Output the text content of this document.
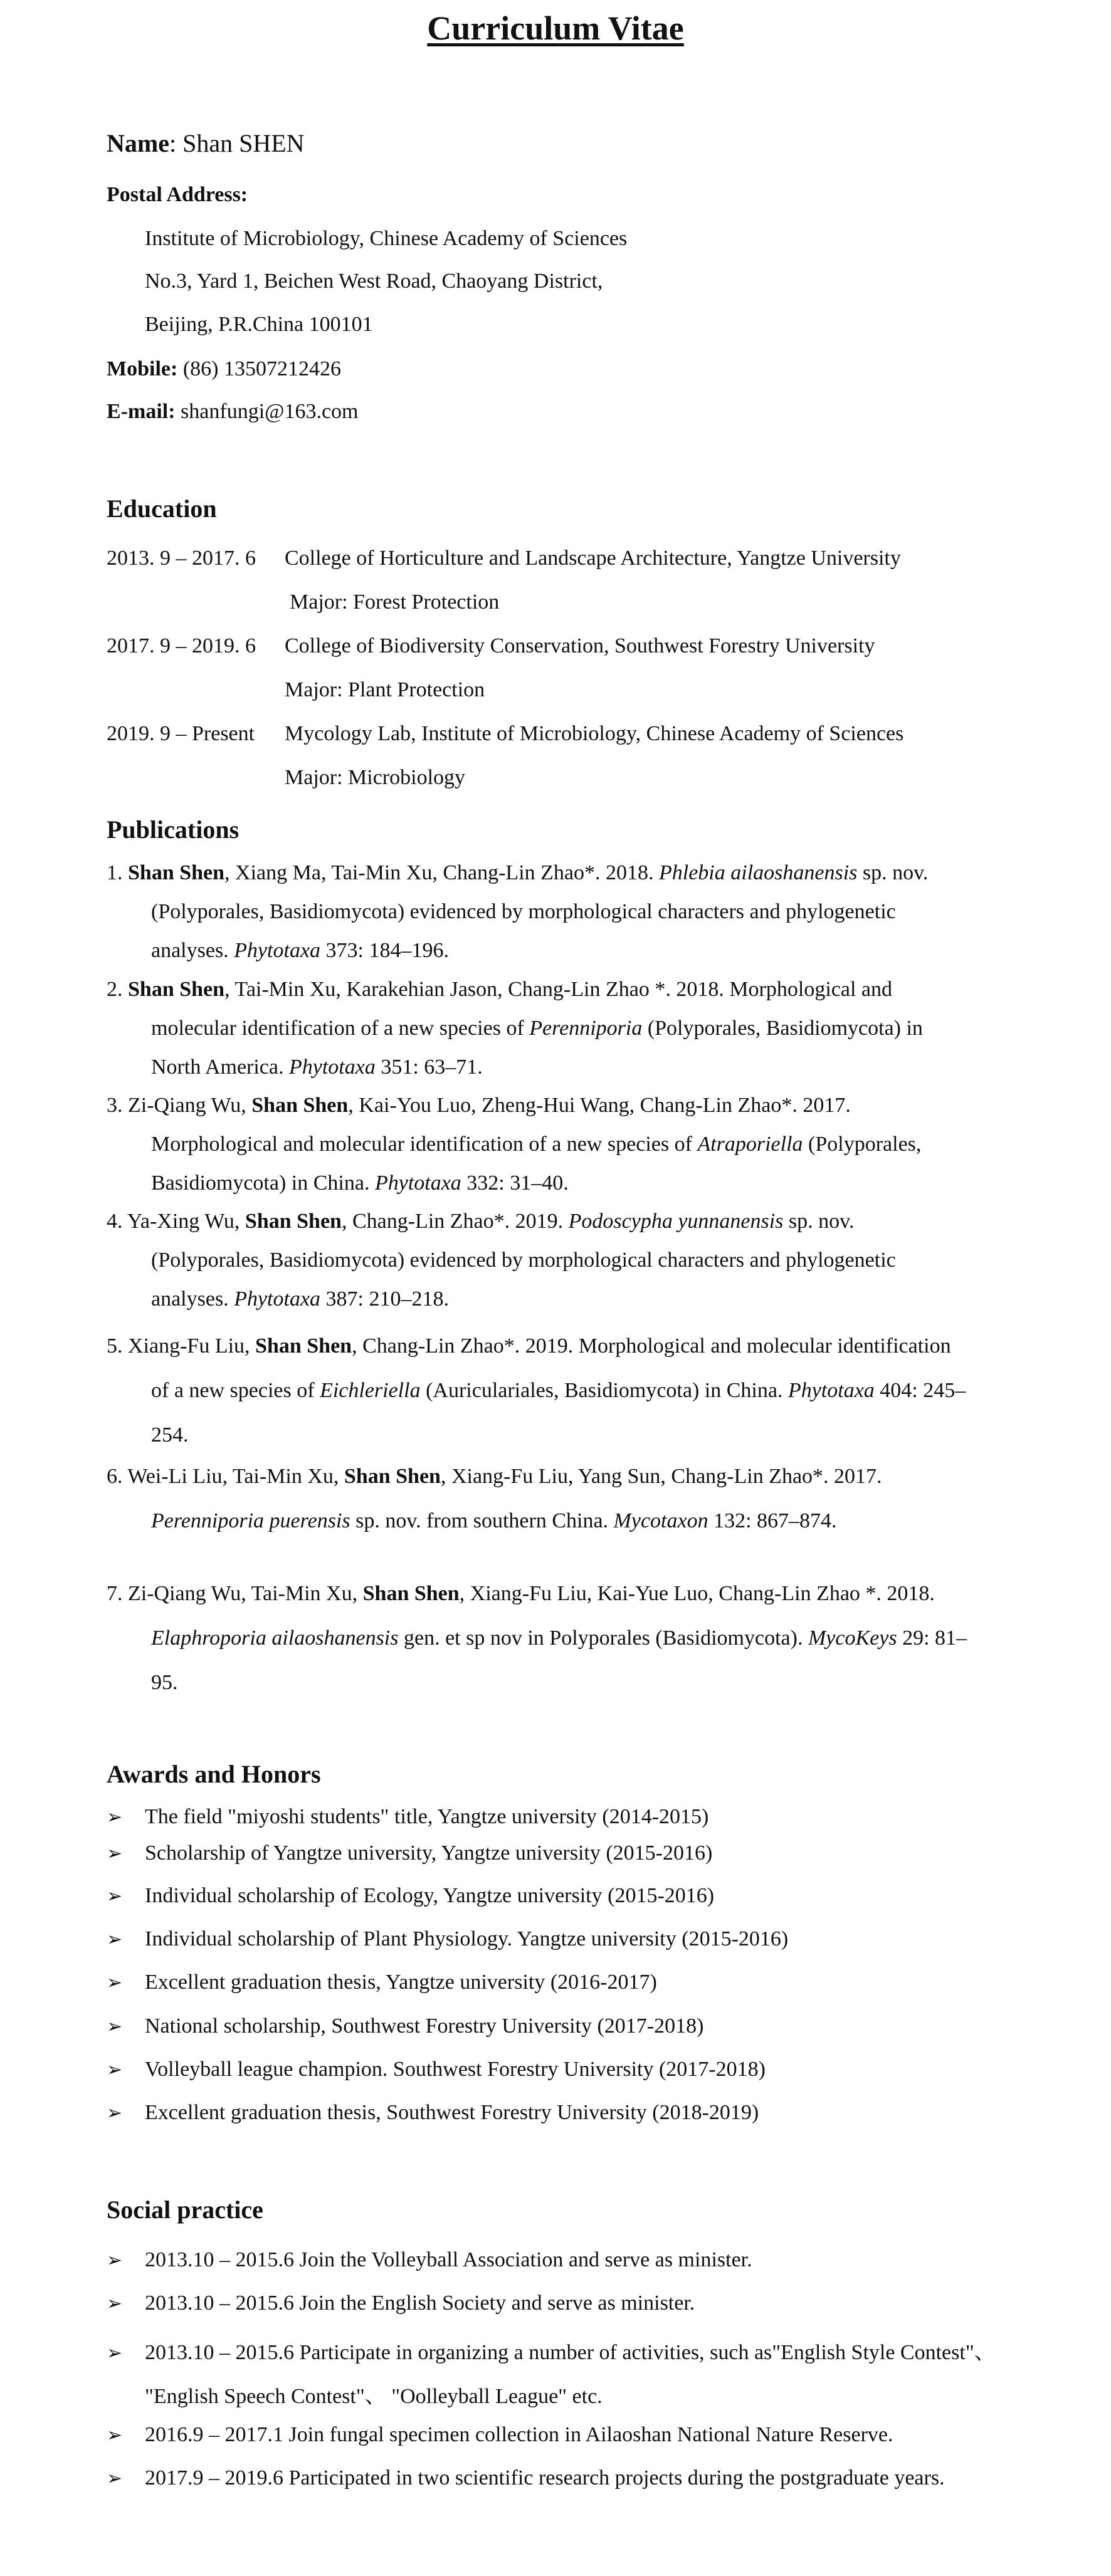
Curriculum Vitae
Name: Shan SHEN
Postal Address:
Institute of Microbiology, Chinese Academy of Sciences
No.3, Yard 1, Beichen West Road, Chaoyang District,
Beijing, P.R.China 100101
Mobile: (86) 13507212426
E-mail: shanfungi@163.com
Education
2013. 9 – 2017. 6 College of Horticulture and Landscape Architecture, Yangtze University
Major: Forest Protection
2017. 9 – 2019. 6 College of Biodiversity Conservation, Southwest Forestry University
Major: Plant Protection
2019. 9 – Present Mycology Lab, Institute of Microbiology, Chinese Academy of Sciences
Major: Microbiology
Publications
1. Shan Shen, Xiang Ma, Tai-Min Xu, Chang-Lin Zhao*. 2018. Phlebia ailaoshanensis sp. nov.
(Polyporales, Basidiomycota) evidenced by morphological characters and phylogenetic
analyses. Phytotaxa 373: 184–196.
2. Shan Shen, Tai-Min Xu, Karakehian Jason, Chang-Lin Zhao *. 2018. Morphological and
molecular identification of a new species of Perenniporia (Polyporales, Basidiomycota) in
North America. Phytotaxa 351: 63–71.
3. Zi-Qiang Wu, Shan Shen, Kai-You Luo, Zheng-Hui Wang, Chang-Lin Zhao*. 2017.
Morphological and molecular identification of a new species of Atraporiella (Polyporales,
Basidiomycota) in China. Phytotaxa 332: 31–40.
4. Ya-Xing Wu, Shan Shen, Chang-Lin Zhao*. 2019. Podoscypha yunnanensis sp. nov.
(Polyporales, Basidiomycota) evidenced by morphological characters and phylogenetic
analyses. Phytotaxa 387: 210–218.
5. Xiang-Fu Liu, Shan Shen, Chang-Lin Zhao*. 2019. Morphological and molecular identification
of a new species of Eichleriella (Auriculariales, Basidiomycota) in China. Phytotaxa 404: 245–
254.
6. Wei-Li Liu, Tai-Min Xu, Shan Shen, Xiang-Fu Liu, Yang Sun, Chang-Lin Zhao*. 2017.
Perenniporia puerensis sp. nov. from southern China. Mycotaxon 132: 867–874.
7. Zi-Qiang Wu, Tai-Min Xu, Shan Shen, Xiang-Fu Liu, Kai-Yue Luo, Chang-Lin Zhao *. 2018.
Elaphroporia ailaoshanensis gen. et sp nov in Polyporales (Basidiomycota). MycoKeys 29: 81–
95.
Awards and Honors
➢ The field "miyoshi students" title, Yangtze university (2014-2015)
➢ Scholarship of Yangtze university, Yangtze university (2015-2016)
➢ Individual scholarship of Ecology, Yangtze university (2015-2016)
➢ Individual scholarship of Plant Physiology. Yangtze university (2015-2016)
➢ Excellent graduation thesis, Yangtze university (2016-2017)
➢ National scholarship, Southwest Forestry University (2017-2018)
➢ Volleyball league champion. Southwest Forestry University (2017-2018)
➢ Excellent graduation thesis, Southwest Forestry University (2018-2019)
Social practice
➢ 2013.10 – 2015.6 Join the Volleyball Association and serve as minister.
➢ 2013.10 – 2015.6 Join the English Society and serve as minister.
➢ 2013.10 – 2015.6 Participate in organizing a number of activities, such as"English Style Contest"、
"English Speech Contest"、 "Oolleyball League" etc.
➢ 2016.9 – 2017.1 Join fungal specimen collection in Ailaoshan National Nature Reserve.
➢ 2017.9 – 2019.6 Participated in two scientific research projects during the postgraduate years.
